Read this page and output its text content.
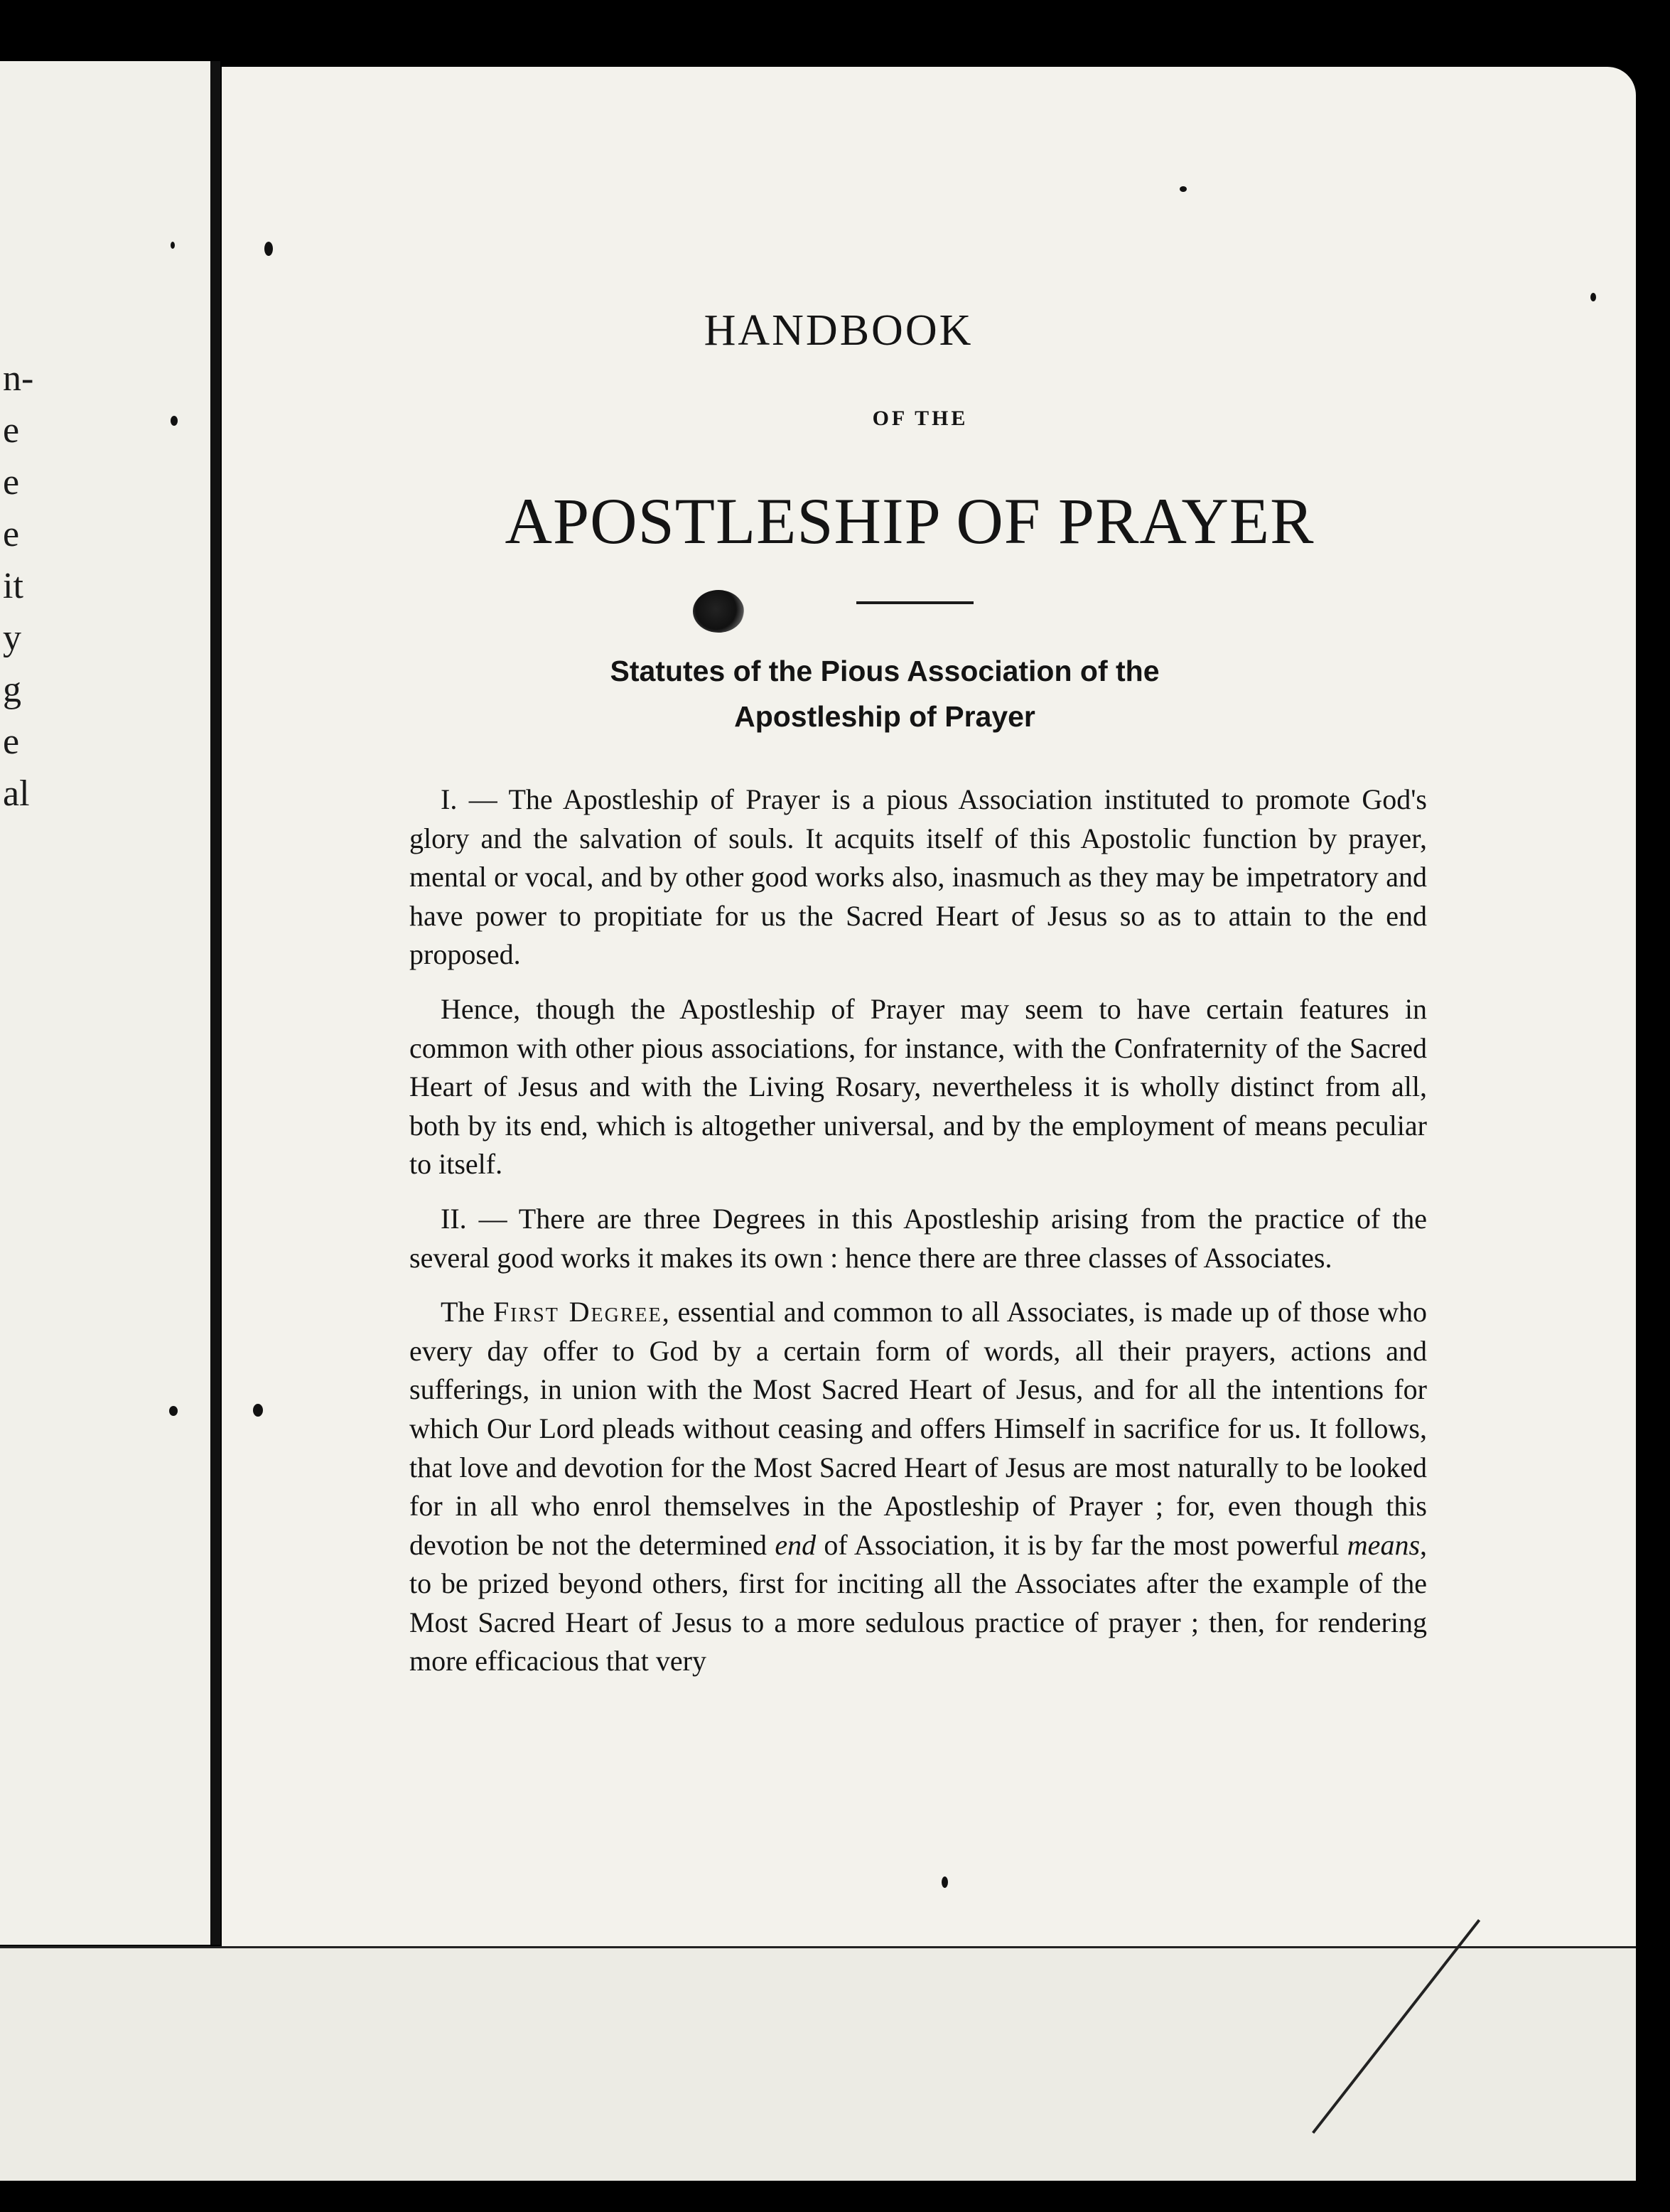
n-
e
e
e
it
y
g
e
al
HANDBOOK
OF THE
APOSTLESHIP OF PRAYER
Statutes of the Pious Association of the
Apostleship of Prayer

I. — The Apostleship of Prayer is a pious Association instituted to promote God's glory and the salvation of souls. It acquits itself of this Apostolic function by prayer, mental or vocal, and by other good works also, inasmuch as they may be impetratory and have power to propitiate for us the Sacred Heart of Jesus so as to attain to the end proposed.

Hence, though the Apostleship of Prayer may seem to have certain features in common with other pious associations, for instance, with the Confraternity of the Sacred Heart of Jesus and with the Living Rosary, nevertheless it is wholly distinct from all, both by its end, which is altogether universal, and by the employment of means peculiar to itself.

II. — There are three Degrees in this Apostleship arising from the practice of the several good works it makes its own : hence there are three classes of Associates.

The First Degree, essential and common to all Associates, is made up of those who every day offer to God by a certain form of words, all their prayers, actions and sufferings, in union with the Most Sacred Heart of Jesus, and for all the intentions for which Our Lord pleads without ceasing and offers Himself in sacrifice for us. It follows, that love and devotion for the Most Sacred Heart of Jesus are most naturally to be looked for in all who enrol themselves in the Apostleship of Prayer ; for, even though this devotion be not the determined end of Association, it is by far the most powerful means, to be prized beyond others, first for inciting all the Associates after the example of the Most Sacred Heart of Jesus to a more sedulous practice of prayer ; then, for rendering more efficacious that very
